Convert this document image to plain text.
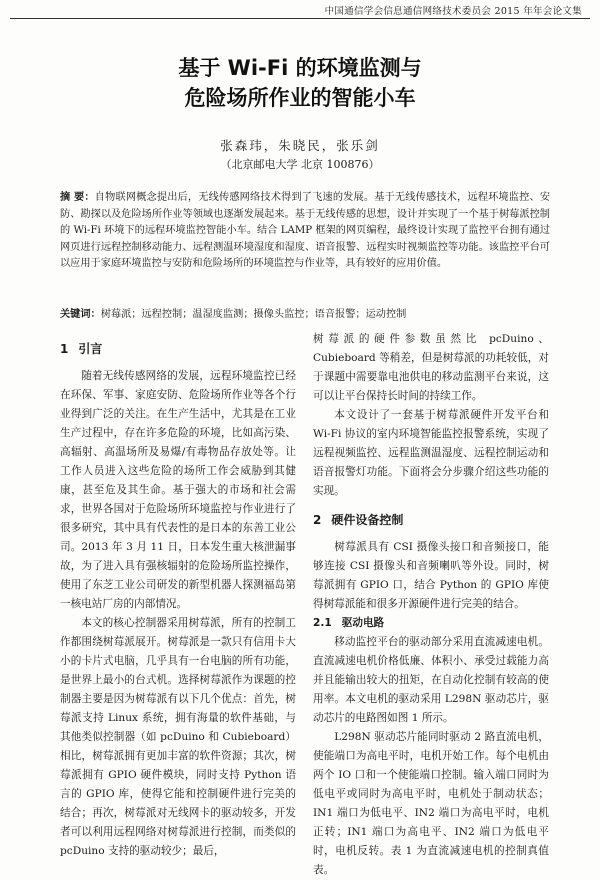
中国通信学会信息通信网络技术委员会 2015 年年会论文集
基于 Wi-Fi 的环境监测与
危险场所作业的智能小车
张森玮，朱晓民，张乐剑
（北京邮电大学 北京 100876）

摘 要：自物联网概念提出后，无线传感网络技术得到了飞速的发展。基于无线传感技术，远程环境监控、安防、勘探以及危险场所作业等领域也逐渐发展起来。基于无线传感的思想，设计并实现了一个基于树莓派控制的 Wi-Fi 环境下的远程环境监控智能小车。结合 LAMP 框架的网页编程，最终设计实现了监控平台拥有通过网页进行远程控制移动能力、远程测温环境湿度和湿度、语音报警、远程实时视频监控等功能。该监控平台可以应用于家庭环境监控与安防和危险场所的环境监控与作业等，具有较好的应用价值。

关键词：树莓派；远程控制；温湿度监测；摄像头监控；语音报警；运动控制

1 引言

随着无线传感网络的发展，远程环境监控已经在环保、军事、家庭安防、危险场所作业等各个行业得到广泛的关注。在生产生活中，尤其是在工业生产过程中，存在许多危险的环境，比如高污染、高辐射、高温场所及易爆/有毒物品存放处等。让工作人员进入这些危险的场所工作会威胁到其健康，甚至危及其生命。基于强大的市场和社会需求，世界各国对于危险场所环境监控与作业进行了很多研究，其中具有代表性的是日本的东善工业公司。2013 年 3 月 11 日，日本发生重大核泄漏事故，为了进入具有强核辐射的危险场所监控操作，使用了东芝工业公司研发的新型机器人探测福岛第一核电站厂房的内部情况。

本文的核心控制器采用树莓派，所有的控制工作都围绕树莓派展开。树莓派是一款只有信用卡大小的卡片式电脑，几乎具有一台电脑的所有功能，是世界上最小的台式机。选择树莓派作为课题的控制器主要是因为树莓派有以下几个优点：首先，树莓派支持 Linux 系统，拥有海量的软件基础，与其他类似控制器（如 pcDuino 和 Cubieboard）相比，树莓派拥有更加丰富的软件资源；其次，树莓派拥有 GPIO 硬件模块，同时支持 Python 语言的 GPIO 库，使得它能和控制硬件进行完美的结合；再次，树莓派对无线网卡的驱动较多，开发者可以利用远程网络对树莓派进行控制，而类似的 pcDuino 支持的驱动较少；最后，

树莓派的硬件参数虽然比 pcDuino、Cubieboard 等稍差，但是树莓派的功耗较低，对于课题中需要靠电池供电的移动监测平台来说，这可以让平台保持长时间的持续工作。

本文设计了一套基于树莓派硬件开发平台和 Wi-Fi 协议的室内环境智能监控报警系统，实现了远程视频监控、远程监测温湿度、远程控制运动和语音报警灯功能。下面将会分步骤介绍这些功能的实现。

2 硬件设备控制

树莓派具有 CSI 摄像头接口和音频接口，能够连接 CSI 摄像头和音频喇叭等外设。同时，树莓派拥有 GPIO 口，结合 Python 的 GPIO 库使得树莓派能和很多开源硬件进行完美的结合。

2.1 驱动电路

移动监控平台的驱动部分采用直流减速电机。直流减速电机价格低廉、体积小、承受过载能力高并且能输出较大的扭矩，在自动化控制有较高的使用率。本文电机的驱动采用 L298N 驱动芯片，驱动芯片的电路图如图 1 所示。

L298N 驱动芯片能同时驱动 2 路直流电机，使能端口为高电平时，电机开始工作。每个电机由两个 IO 口和一个使能端口控制。输入端口同时为低电平或同时为高电平时，电机处于制动状态；IN1 端口为低电平、IN2 端口为高电平时，电机正转；IN1 端口为高电平、IN2 端口为低电平时，电机反转。表 1 为直流减速电机的控制真值表。
